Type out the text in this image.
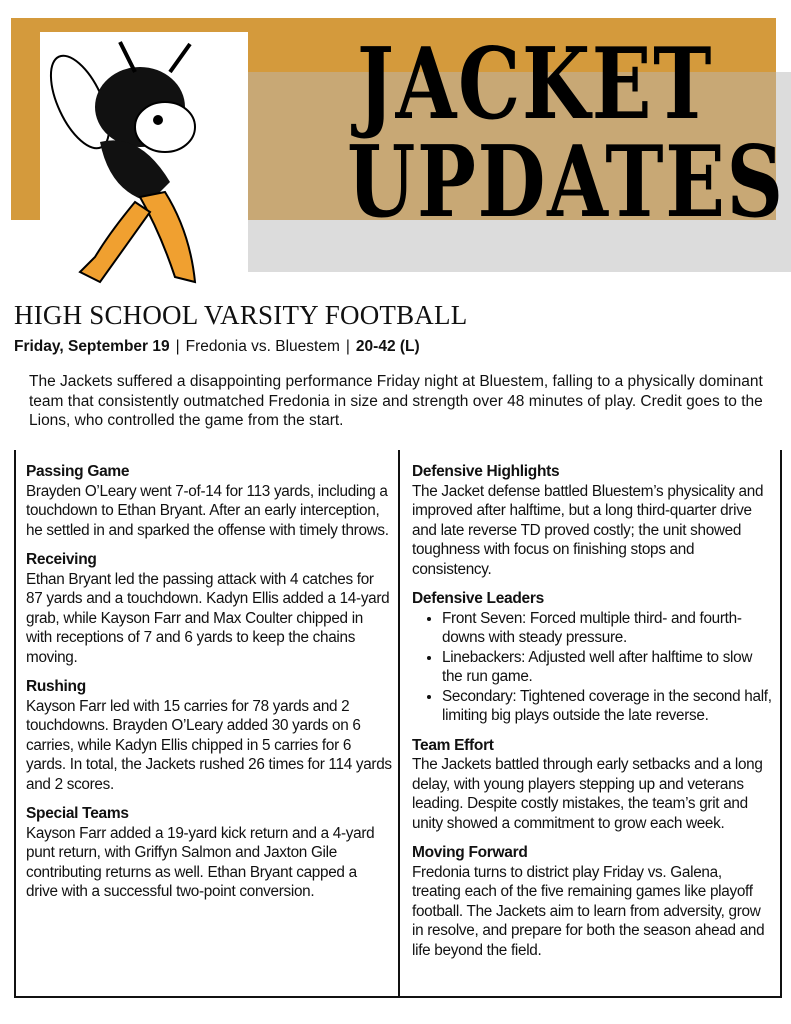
JACKET
UPDATES
HIGH SCHOOL VARSITY FOOTBALL
Friday, September 19 | Fredonia vs. Bluestem | 20-42 (L)
The Jackets suffered a disappointing performance Friday night at Bluestem, falling to a physically dominant team that consistently outmatched Fredonia in size and strength over 48 minutes of play. Credit goes to the Lions, who controlled the game from the start.
Passing Game

Brayden O’Leary went 7-of-14 for 113 yards, including a touchdown to Ethan Bryant. After an early interception, he settled in and sparked the offense with timely throws.

Receiving

Ethan Bryant led the passing attack with 4 catches for 87 yards and a touchdown. Kadyn Ellis added a 14-yard grab, while Kayson Farr and Max Coulter chipped in with receptions of 7 and 6 yards to keep the chains moving.

Rushing

Kayson Farr led with 15 carries for 78 yards and 2 touchdowns. Brayden O’Leary added 30 yards on 6 carries, while Kadyn Ellis chipped in 5 carries for 6 yards. In total, the Jackets rushed 26 times for 114 yards and 2 scores.

Special Teams

Kayson Farr added a 19-yard kick return and a 4-yard punt return, with Griffyn Salmon and Jaxton Gile contributing returns as well. Ethan Bryant capped a drive with a successful two-point conversion.

Defensive Highlights

The Jacket defense battled Bluestem’s physicality and improved after halftime, but a long third-quarter drive and late reverse TD proved costly; the unit showed toughness with focus on finishing stops and consistency.

Defensive Leaders
• Front Seven: Forced multiple third- and fourth-downs with steady pressure.
• Linebackers: Adjusted well after halftime to slow the run game.
• Secondary: Tightened coverage in the second half, limiting big plays outside the late reverse.
Team Effort

The Jackets battled through early setbacks and a long delay, with young players stepping up and veterans leading. Despite costly mistakes, the team’s grit and unity showed a commitment to grow each week.

Moving Forward

Fredonia turns to district play Friday vs. Galena, treating each of the five remaining games like playoff football. The Jackets aim to learn from adversity, grow in resolve, and prepare for both the season ahead and life beyond the field.
